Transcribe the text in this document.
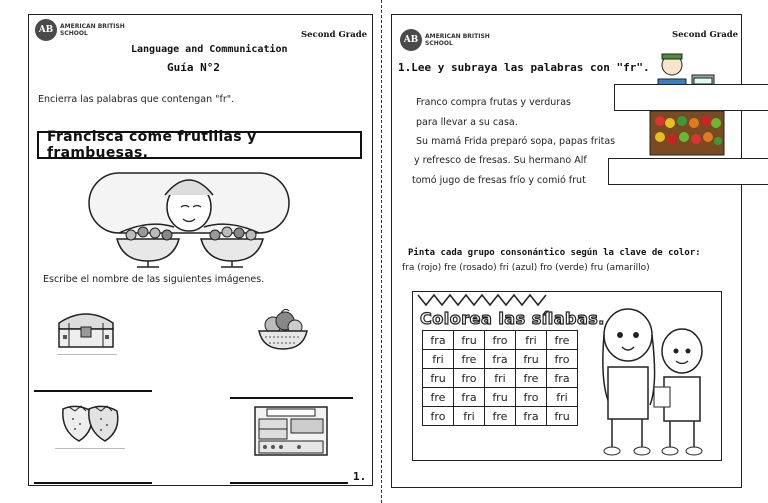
AB	AMERICAN BRITISH
SCHOOL	Second Grade
Language and Communication
Guía N°2
Encierra las palabras que contengan "fr".
Francisca come frutillas y frambuesas.
Escribe el nombre de las siguientes imágenes.
1.
AB	AMERICAN BRITISH
SCHOOL
Second Grade
1.Lee y subraya las palabras con "fr".
Franco compra frutas y verduras
para llevar a su casa.
Su mamá Frida preparó sopa, papas fritas
y refresco de fresas. Su hermano Alf
tomó jugo de fresas frío y comió frut
Pinta cada grupo consonántico según la clave de color:
fra (rojo) fre (rosado) fri (azul) fro (verde) fru (amarillo)
Colorea las sílabas.
fra	fru	fro	fri	fre
fri	fre	fra	fru	fro
fru	fro	fri	fre	fra
fre	fra	fru	fro	fri
fro	fri	fre	fra	fru
